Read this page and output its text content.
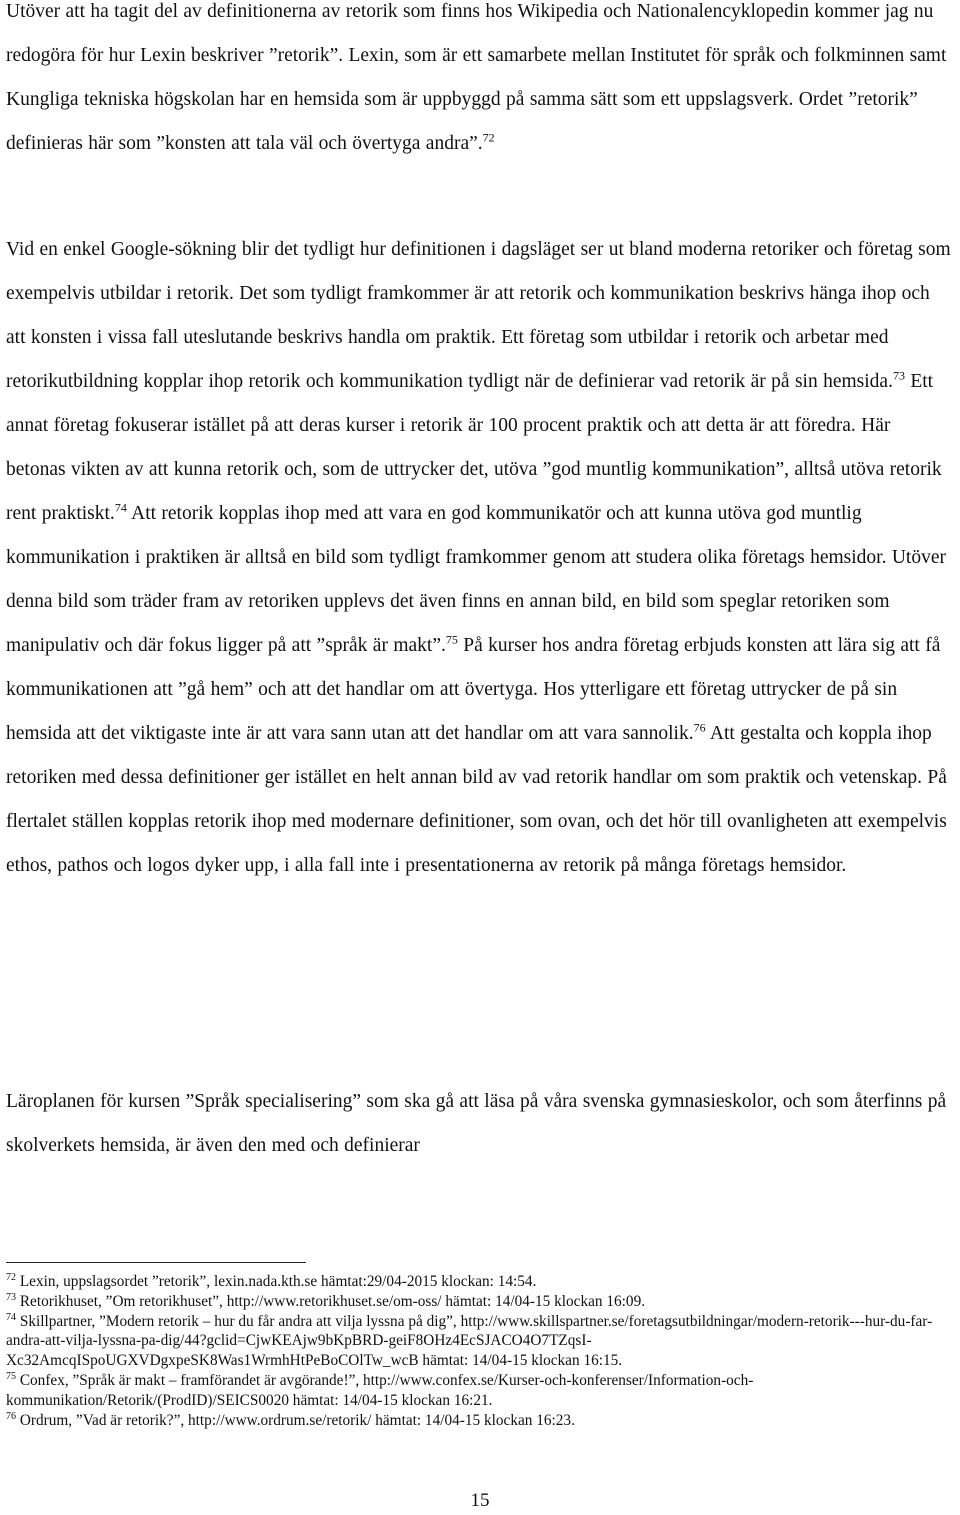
Utöver att ha tagit del av definitionerna av retorik som finns hos Wikipedia och Nationalencyklopedin kommer jag nu redogöra för hur Lexin beskriver ”retorik”. Lexin, som är ett samarbete mellan Institutet för språk och folkminnen samt Kungliga tekniska högskolan har en hemsida som är uppbyggd på samma sätt som ett uppslagsverk. Ordet ”retorik” definieras här som ”konsten att tala väl och övertyga andra”.$^{72}$

Vid en enkel Google-sökning blir det tydligt hur definitionen i dagsläget ser ut bland moderna retoriker och företag som exempelvis utbildar i retorik. Det som tydligt framkommer är att retorik och kommunikation beskrivs hänga ihop och att konsten i vissa fall uteslutande beskrivs handla om praktik. Ett företag som utbildar i retorik och arbetar med retorikutbildning kopplar ihop retorik och kommunikation tydligt när de definierar vad retorik är på sin hemsida.$^{73}$ Ett annat företag fokuserar istället på att deras kurser i retorik är 100 procent praktik och att detta är att föredra. Här betonas vikten av att kunna retorik och, som de uttrycker det, utöva ”god muntlig kommunikation”, alltså utöva retorik rent praktiskt.$^{74}$ Att retorik kopplas ihop med att vara en god kommunikatör och att kunna utöva god muntlig kommunikation i praktiken är alltså en bild som tydligt framkommer genom att studera olika företags hemsidor. Utöver denna bild som träder fram av retoriken upplevs det även finns en annan bild, en bild som speglar retoriken som manipulativ och där fokus ligger på att ”språk är makt”.$^{75}$ På kurser hos andra företag erbjuds konsten att lära sig att få kommunikationen att ”gå hem” och att det handlar om att övertyga. Hos ytterligare ett företag uttrycker de på sin hemsida att det viktigaste inte är att vara sann utan att det handlar om att vara sannolik.$^{76}$ Att gestalta och koppla ihop retoriken med dessa definitioner ger istället en helt annan bild av vad retorik handlar om som praktik och vetenskap. På flertalet ställen kopplas retorik ihop med modernare definitioner, som ovan, och det hör till ovanligheten att exempelvis ethos, pathos och logos dyker upp, i alla fall inte i presentationerna av retorik på många företags hemsidor.

Läroplanen för kursen ”Språk specialisering” som ska gå att läsa på våra svenska gymnasieskolor, och som återfinns på skolverkets hemsida, är även den med och definierar

$^{72}$ Lexin, uppslagsordet ”retorik”, lexin.nada.kth.se hämtat:29/04-2015 klockan: 14:54.

$^{73}$ Retorikhuset, ”Om retorikhuset”, http://www.retorikhuset.se/om-oss/ hämtat: 14/04-15 klockan 16:09.

$^{74}$ Skillpartner, ”Modern retorik – hur du får andra att vilja lyssna på dig”, http://www.skillspartner.se/foretagsutbildningar/modern-retorik---hur-du-far-andra-att-vilja-lyssna-pa-dig/44?gclid=CjwKEAjw9bKpBRD-geiF8OHz4EcSJACO4O7TZqsI-Xc32AmcqISpoUGXVDgxpeSK8Was1WrmhHtPeBoCOlTw_wcB hämtat: 14/04-15 klockan 16:15.

$^{75}$ Confex, ”Språk är makt – framförandet är avgörande!”, http://www.confex.se/Kurser-och-konferenser/Information-och-kommunikation/Retorik/(ProdID)/SEICS0020 hämtat: 14/04-15 klockan 16:21.

$^{76}$ Ordrum, ”Vad är retorik?”, http://www.ordrum.se/retorik/ hämtat: 14/04-15 klockan 16:23.

15
